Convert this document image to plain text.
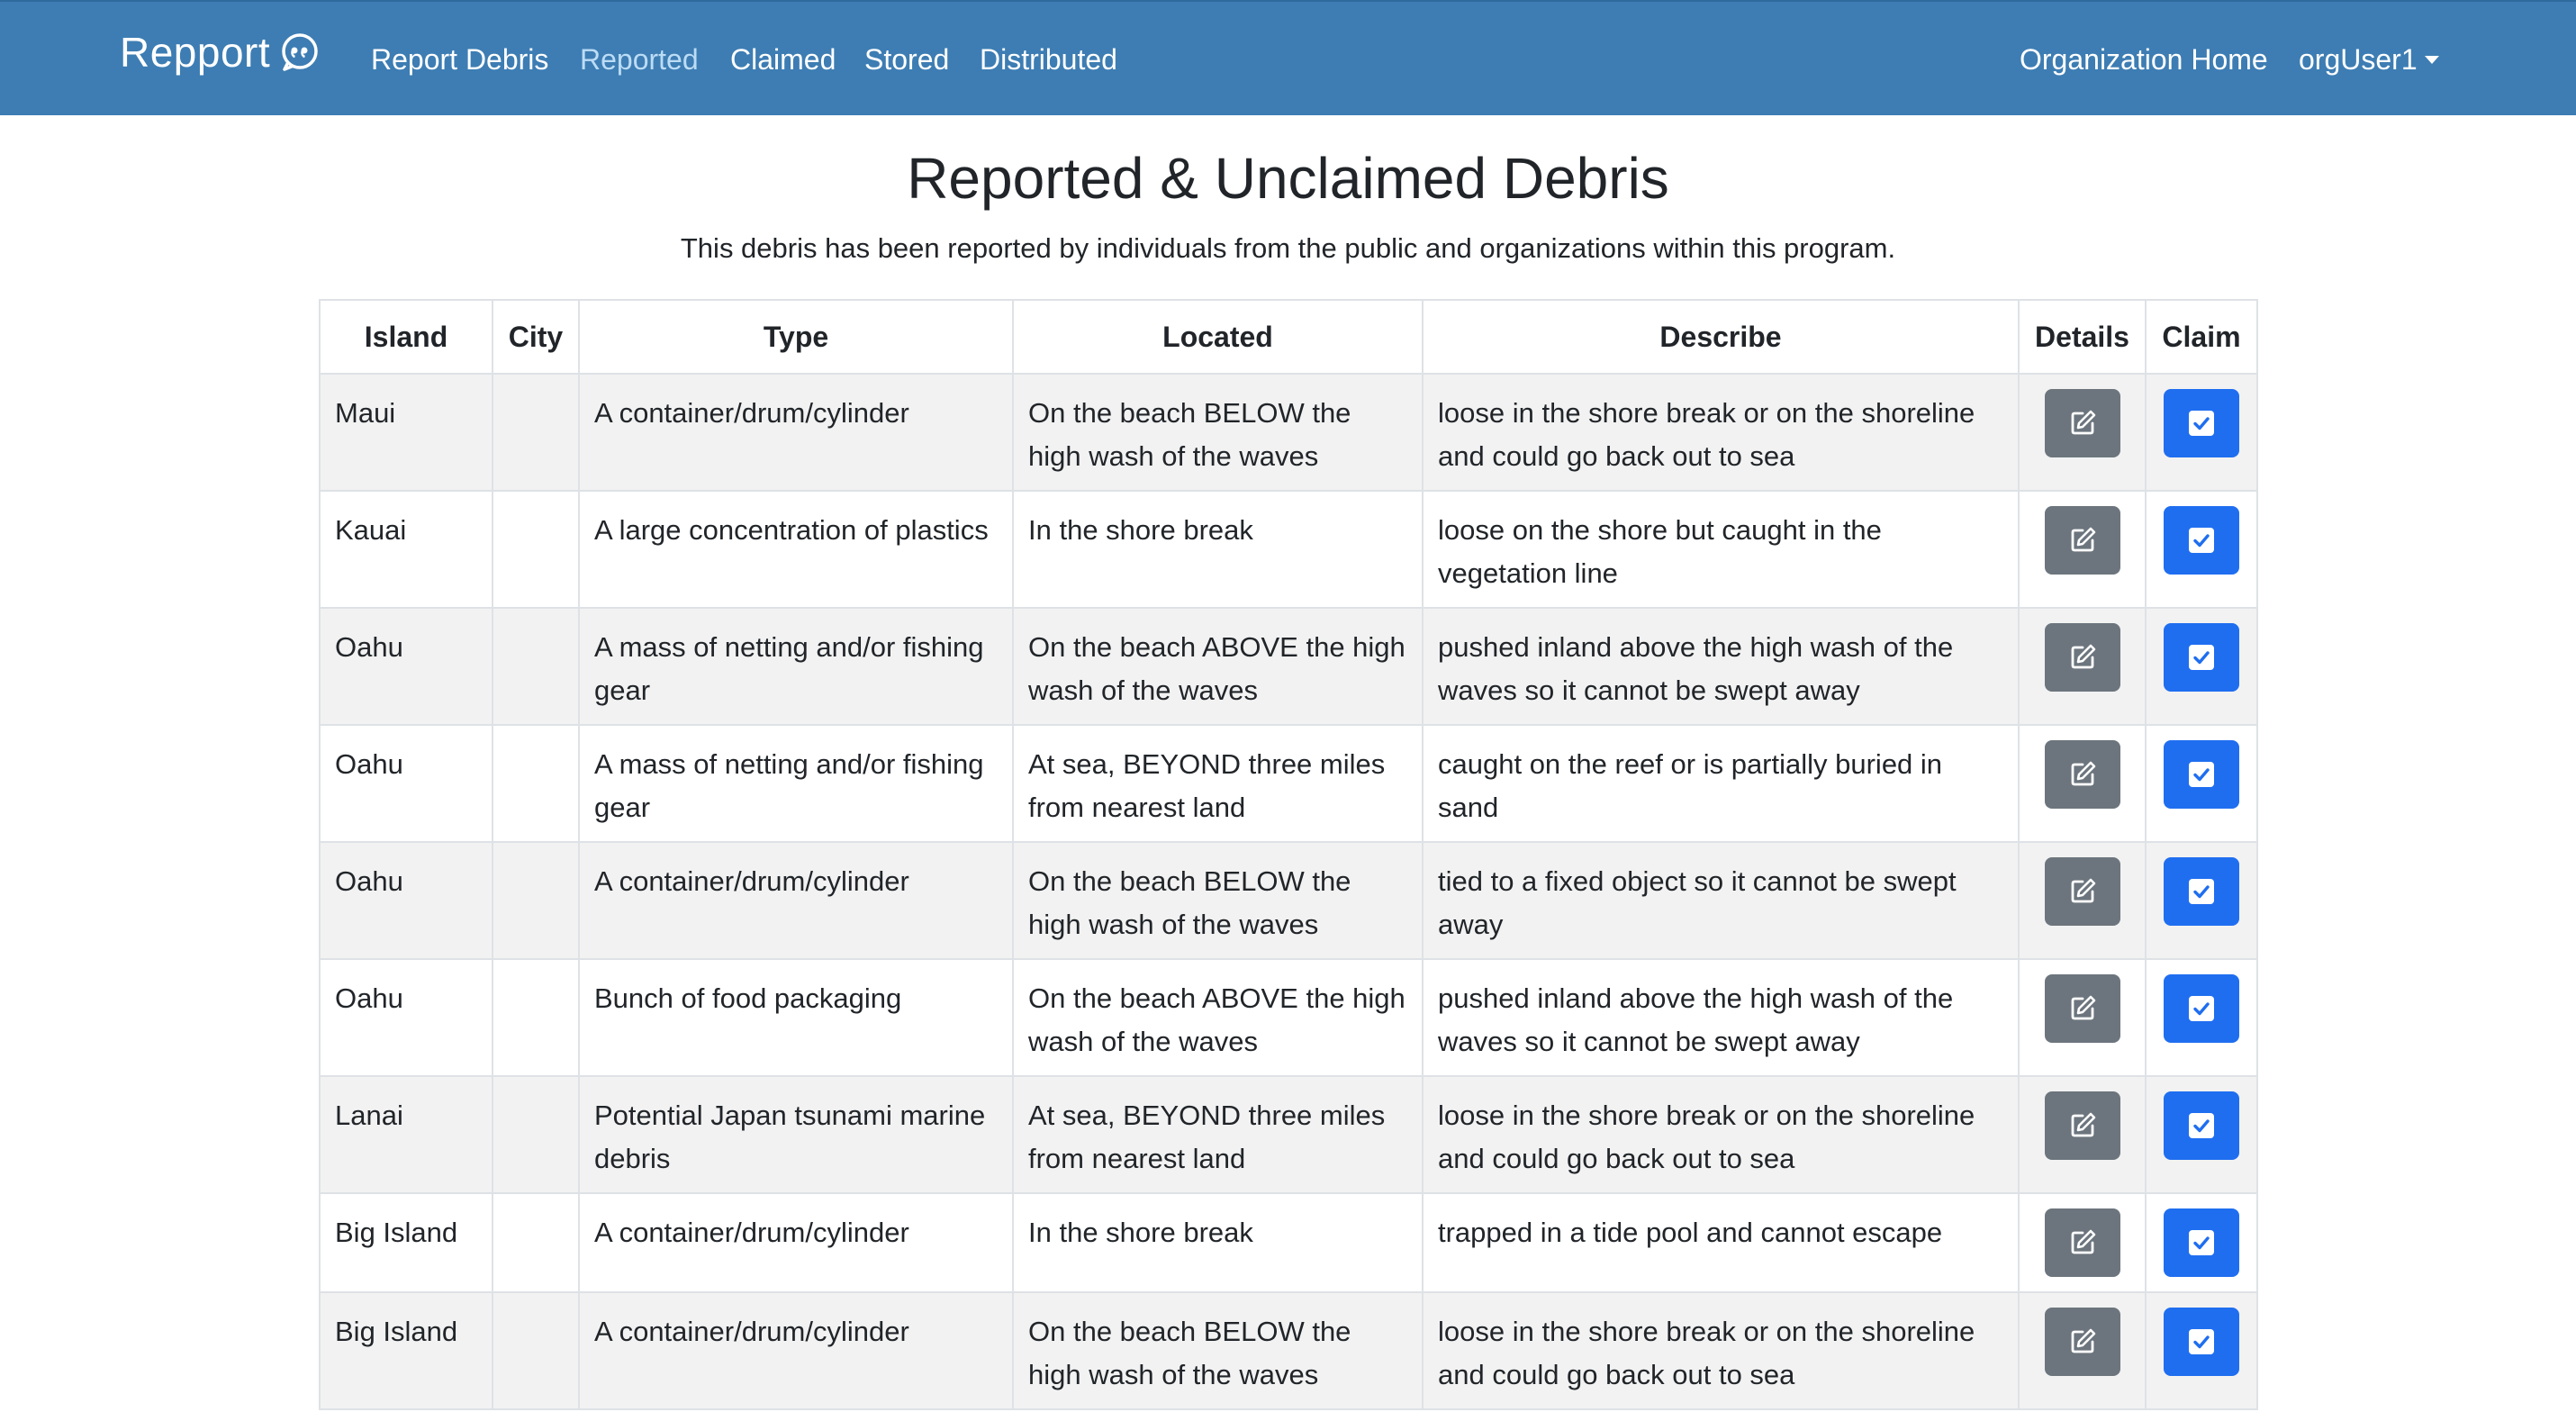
Repport	Report Debris Reported Claimed Stored Distributed	Organization Home orgUser1
Reported & Unclaimed Debris
This debris has been reported by individuals from the public and organizations within this program.
Island	City	Type	Located	Describe	Details	Claim
Maui		A container/drum/cylinder	On the beach BELOW the high wash of the waves	loose in the shore break or on the shoreline and could go back out to sea	

Kauai		A large concentration of plastics	In the shore break	loose on the shore but caught in the vegetation line	

Oahu		A mass of netting and/or fishing gear	On the beach ABOVE the high wash of the waves	pushed inland above the high wash of the waves so it cannot be swept away	

Oahu		A mass of netting and/or fishing gear	At sea, BEYOND three miles from nearest land	caught on the reef or is partially buried in sand	

Oahu		A container/drum/cylinder	On the beach BELOW the high wash of the waves	tied to a fixed object so it cannot be swept away	

Oahu		Bunch of food packaging	On the beach ABOVE the high wash of the waves	pushed inland above the high wash of the waves so it cannot be swept away	

Lanai		Potential Japan tsunami marine debris	At sea, BEYOND three miles from nearest land	loose in the shore break or on the shoreline and could go back out to sea	

Big Island		A container/drum/cylinder	In the shore break	trapped in a tide pool and cannot escape	

Big Island		A container/drum/cylinder	On the beach BELOW the high wash of the waves	loose in the shore break or on the shoreline and could go back out to sea	
